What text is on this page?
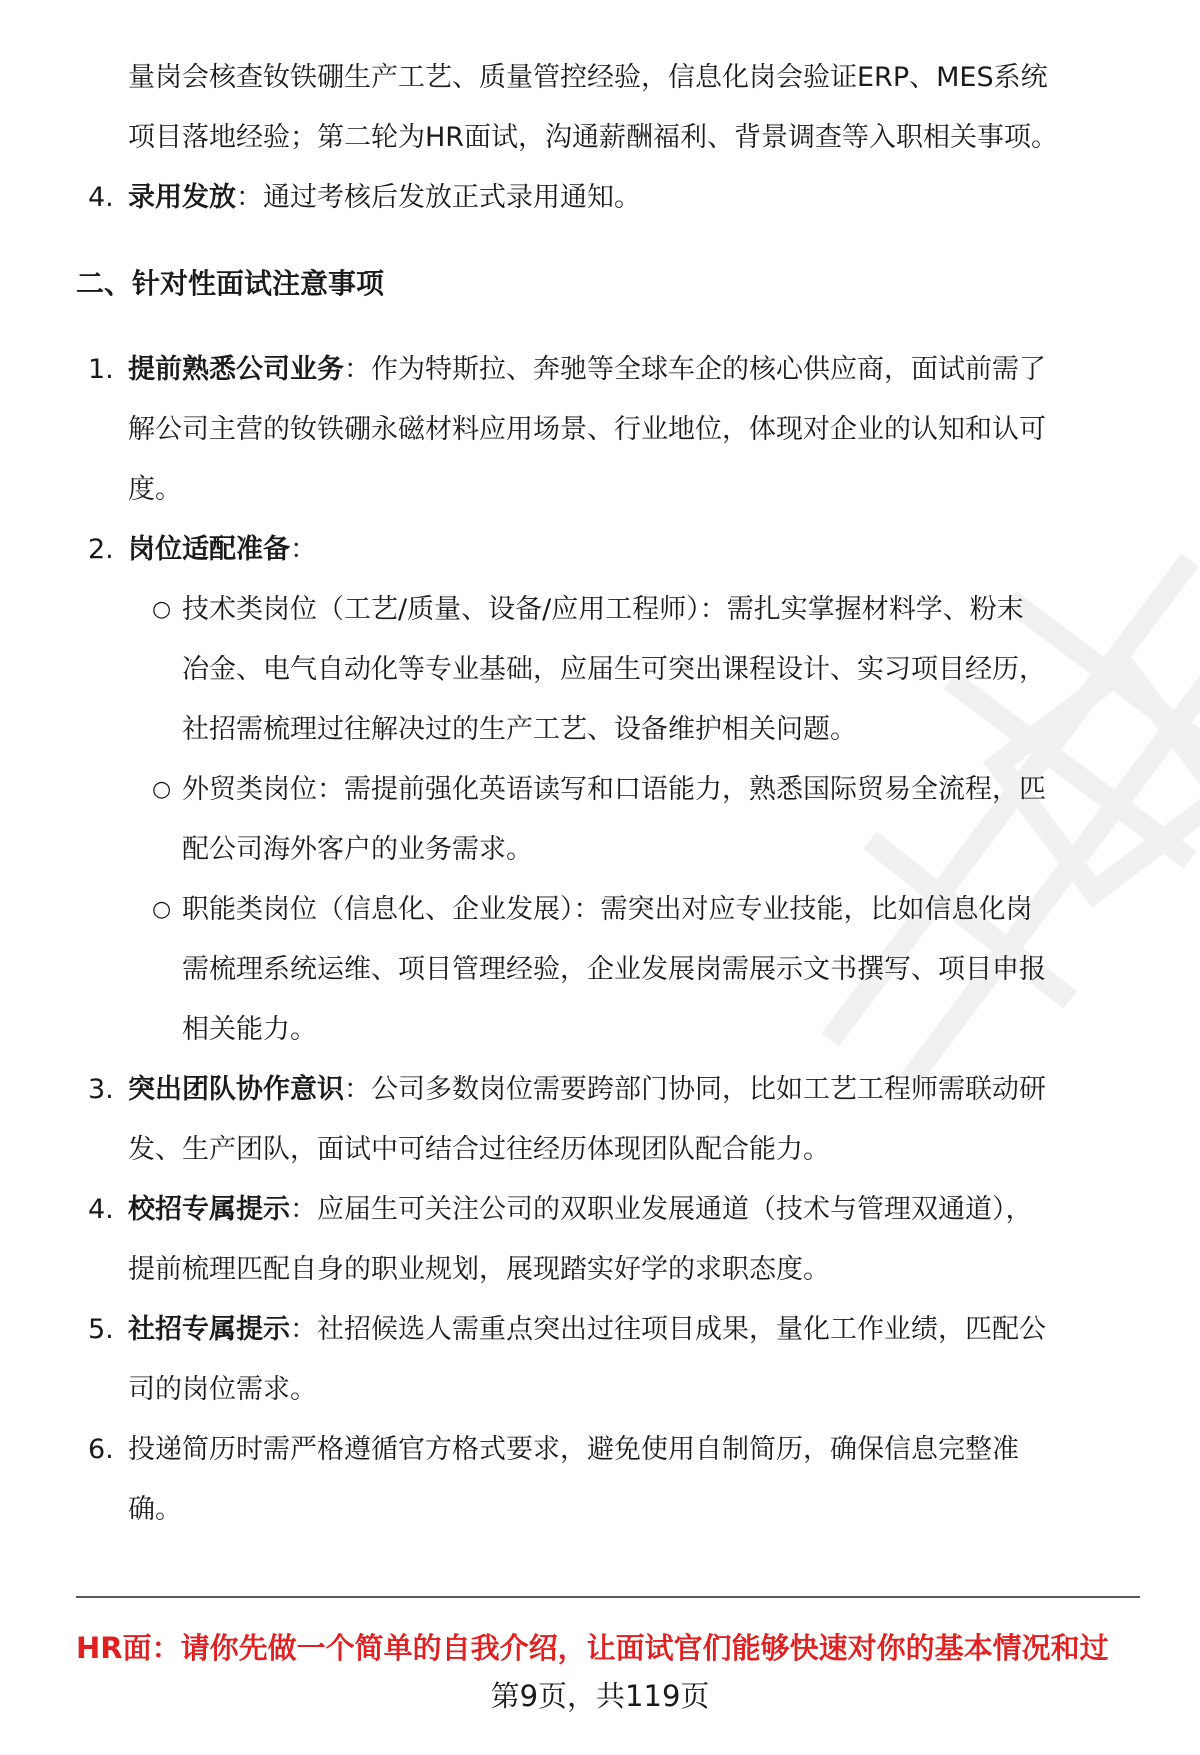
量岗会核查钕铁硼生产工艺、质量管控经验，信息化岗会验证ERP、MES系统
项目落地经验；第二轮为HR面试，沟通薪酬福利、背景调查等入职相关事项。
4. 录用发放：通过考核后发放正式录用通知。
二、针对性面试注意事项
1. 提前熟悉公司业务：作为特斯拉、奔驰等全球车企的核心供应商，面试前需了
解公司主营的钕铁硼永磁材料应用场景、行业地位，体现对企业的认知和认可
度。
2. 岗位适配准备：
○ 技术类岗位（工艺/质量、设备/应用工程师）：需扎实掌握材料学、粉末
冶金、电气自动化等专业基础，应届生可突出课程设计、实习项目经历，
社招需梳理过往解决过的生产工艺、设备维护相关问题。
○ 外贸类岗位：需提前强化英语读写和口语能力，熟悉国际贸易全流程，匹
配公司海外客户的业务需求。
○ 职能类岗位（信息化、企业发展）：需突出对应专业技能，比如信息化岗
需梳理系统运维、项目管理经验，企业发展岗需展示文书撰写、项目申报
相关能力。
3. 突出团队协作意识：公司多数岗位需要跨部门协同，比如工艺工程师需联动研
发、生产团队，面试中可结合过往经历体现团队配合能力。
4. 校招专属提示：应届生可关注公司的双职业发展通道（技术与管理双通道），
提前梳理匹配自身的职业规划，展现踏实好学的求职态度。
5. 社招专属提示：社招候选人需重点突出过往项目成果，量化工作业绩，匹配公
司的岗位需求。
6. 投递简历时需严格遵循官方格式要求，避免使用自制简历，确保信息完整准
确。
HR面：请你先做一个简单的自我介绍，让面试官们能够快速对你的基本情况和过
第9页，共119页
